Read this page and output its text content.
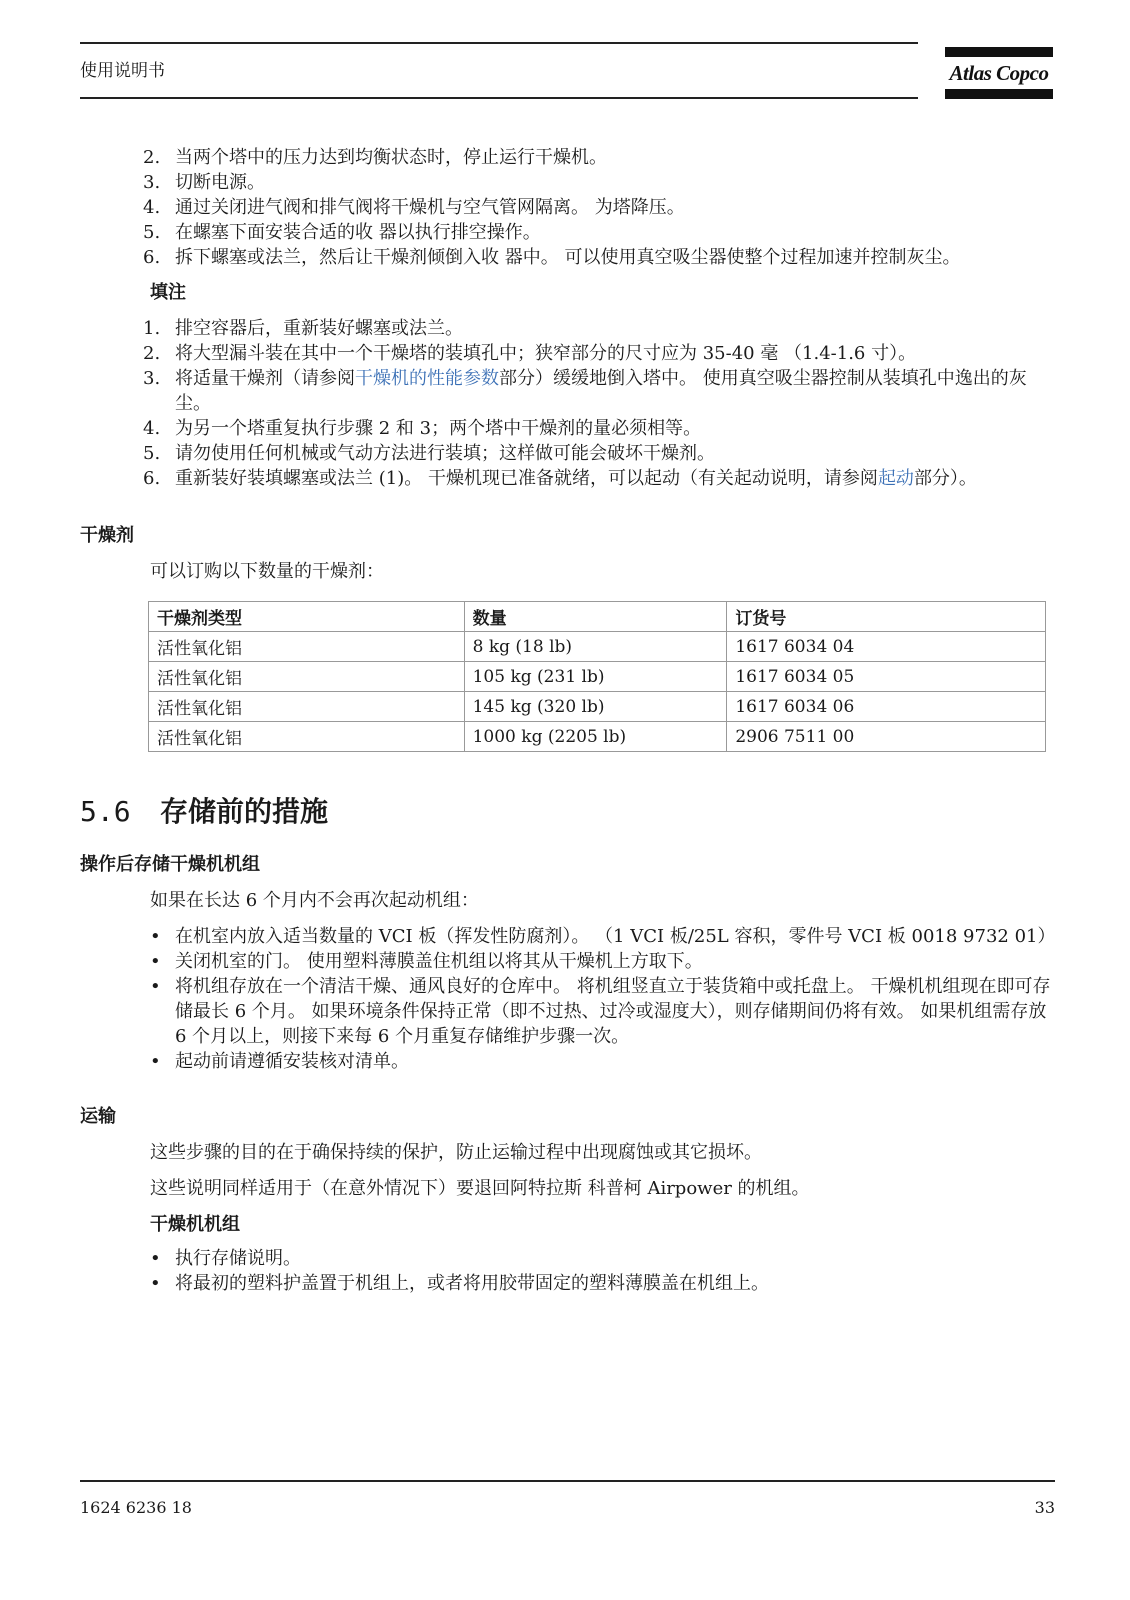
使用说明书	Atlas Copco
2. 当两个塔中的压力达到均衡状态时，停止运行干燥机。
3. 切断电源。
4. 通过关闭进气阀和排气阀将干燥机与空气管网隔离。 为塔降压。
5. 在螺塞下面安装合适的收 器以执行排空操作。
6. 拆下螺塞或法兰，然后让干燥剂倾倒入收 器中。 可以使用真空吸尘器使整个过程加速并控制灰尘。
填注
1. 排空容器后，重新装好螺塞或法兰。
2. 将大型漏斗装在其中一个干燥塔的装填孔中；狭窄部分的尺寸应为 35-40 毫 （1.4-1.6 寸）。
3. 将适量干燥剂（请参阅干燥机的性能参数部分）缓缓地倒入塔中。 使用真空吸尘器控制从装填孔中逸出的灰尘。
4. 为另一个塔重复执行步骤 2 和 3；两个塔中干燥剂的量必须相等。
5. 请勿使用任何机械或气动方法进行装填；这样做可能会破坏干燥剂。
6. 重新装好装填螺塞或法兰 (1)。 干燥机现已准备就绪，可以起动（有关起动说明，请参阅起动部分）。
干燥剂
可以订购以下数量的干燥剂：
干燥剂类型	数量	订货号
活性氧化铝	8 kg (18 lb)	1617 6034 04
活性氧化铝	105 kg (231 lb)	1617 6034 05
活性氧化铝	145 kg (320 lb)	1617 6034 06
活性氧化铝	1000 kg (2205 lb)	2906 7511 00
5.6 存储前的措施
操作后存储干燥机机组
如果在长达 6 个月内不会再次起动机组：
• 在机室内放入适当数量的 VCI 板（挥发性防腐剂）。 （1 VCI 板/25L 容积，零件号 VCI 板 0018 9732 01）
• 关闭机室的门。 使用塑料薄膜盖住机组以将其从干燥机上方取下。
• 将机组存放在一个清洁干燥、通风良好的仓库中。 将机组竖直立于装货箱中或托盘上。 干燥机机组现在即可存储最长 6 个月。 如果环境条件保持正常（即不过热、过冷或湿度大），则存储期间仍将有效。 如果机组需存放 6 个月以上，则接下来每 6 个月重复存储维护步骤一次。
• 起动前请遵循安装核对清单。
运输
这些步骤的目的在于确保持续的保护，防止运输过程中出现腐蚀或其它损坏。
这些说明同样适用于（在意外情况下）要退回阿特拉斯 科普柯 Airpower 的机组。
干燥机机组
• 执行存储说明。
• 将最初的塑料护盖置于机组上，或者将用胶带固定的塑料薄膜盖在机组上。
1624 6236 18	33
